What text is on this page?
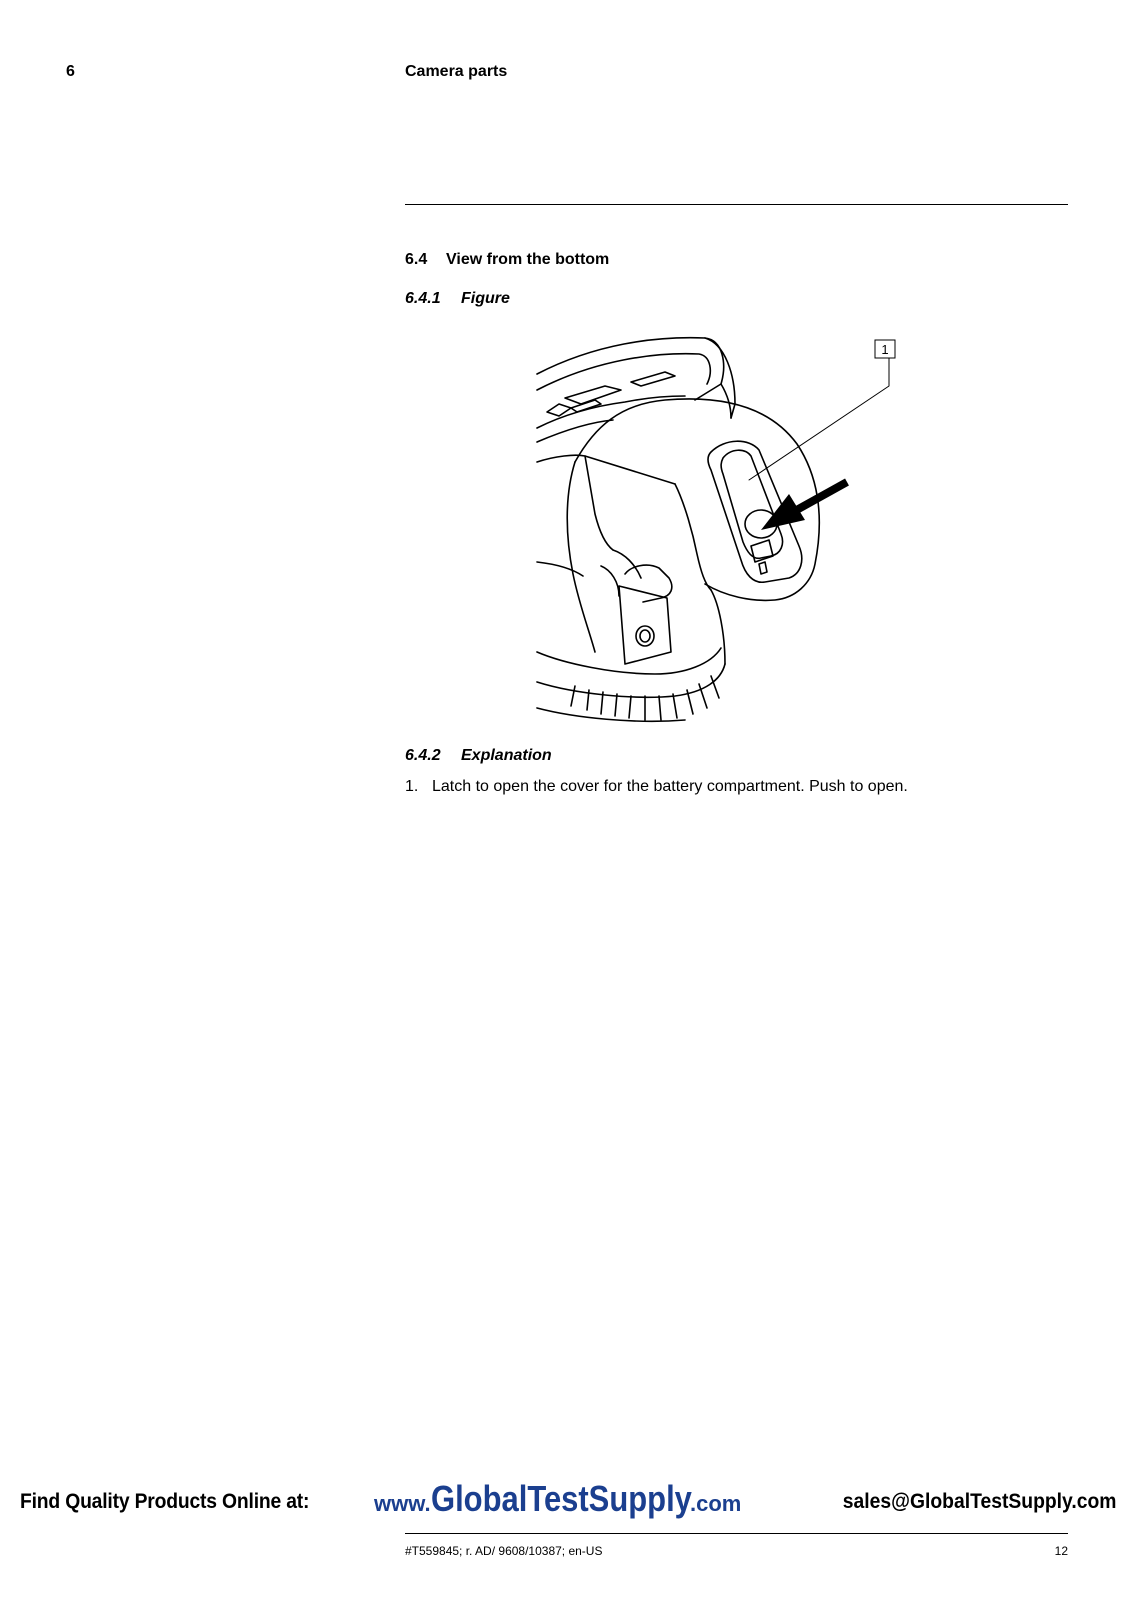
6	Camera parts
6.4 View from the bottom
6.4.1 Figure
1
6.4.2 Explanation
1. Latch to open the cover for the battery compartment. Push to open.
Find Quality Products Online at:	www.GlobalTestSupply.com	sales@GlobalTestSupply.com
#T559845; r. AD/ 9608/10387; en-US	12
